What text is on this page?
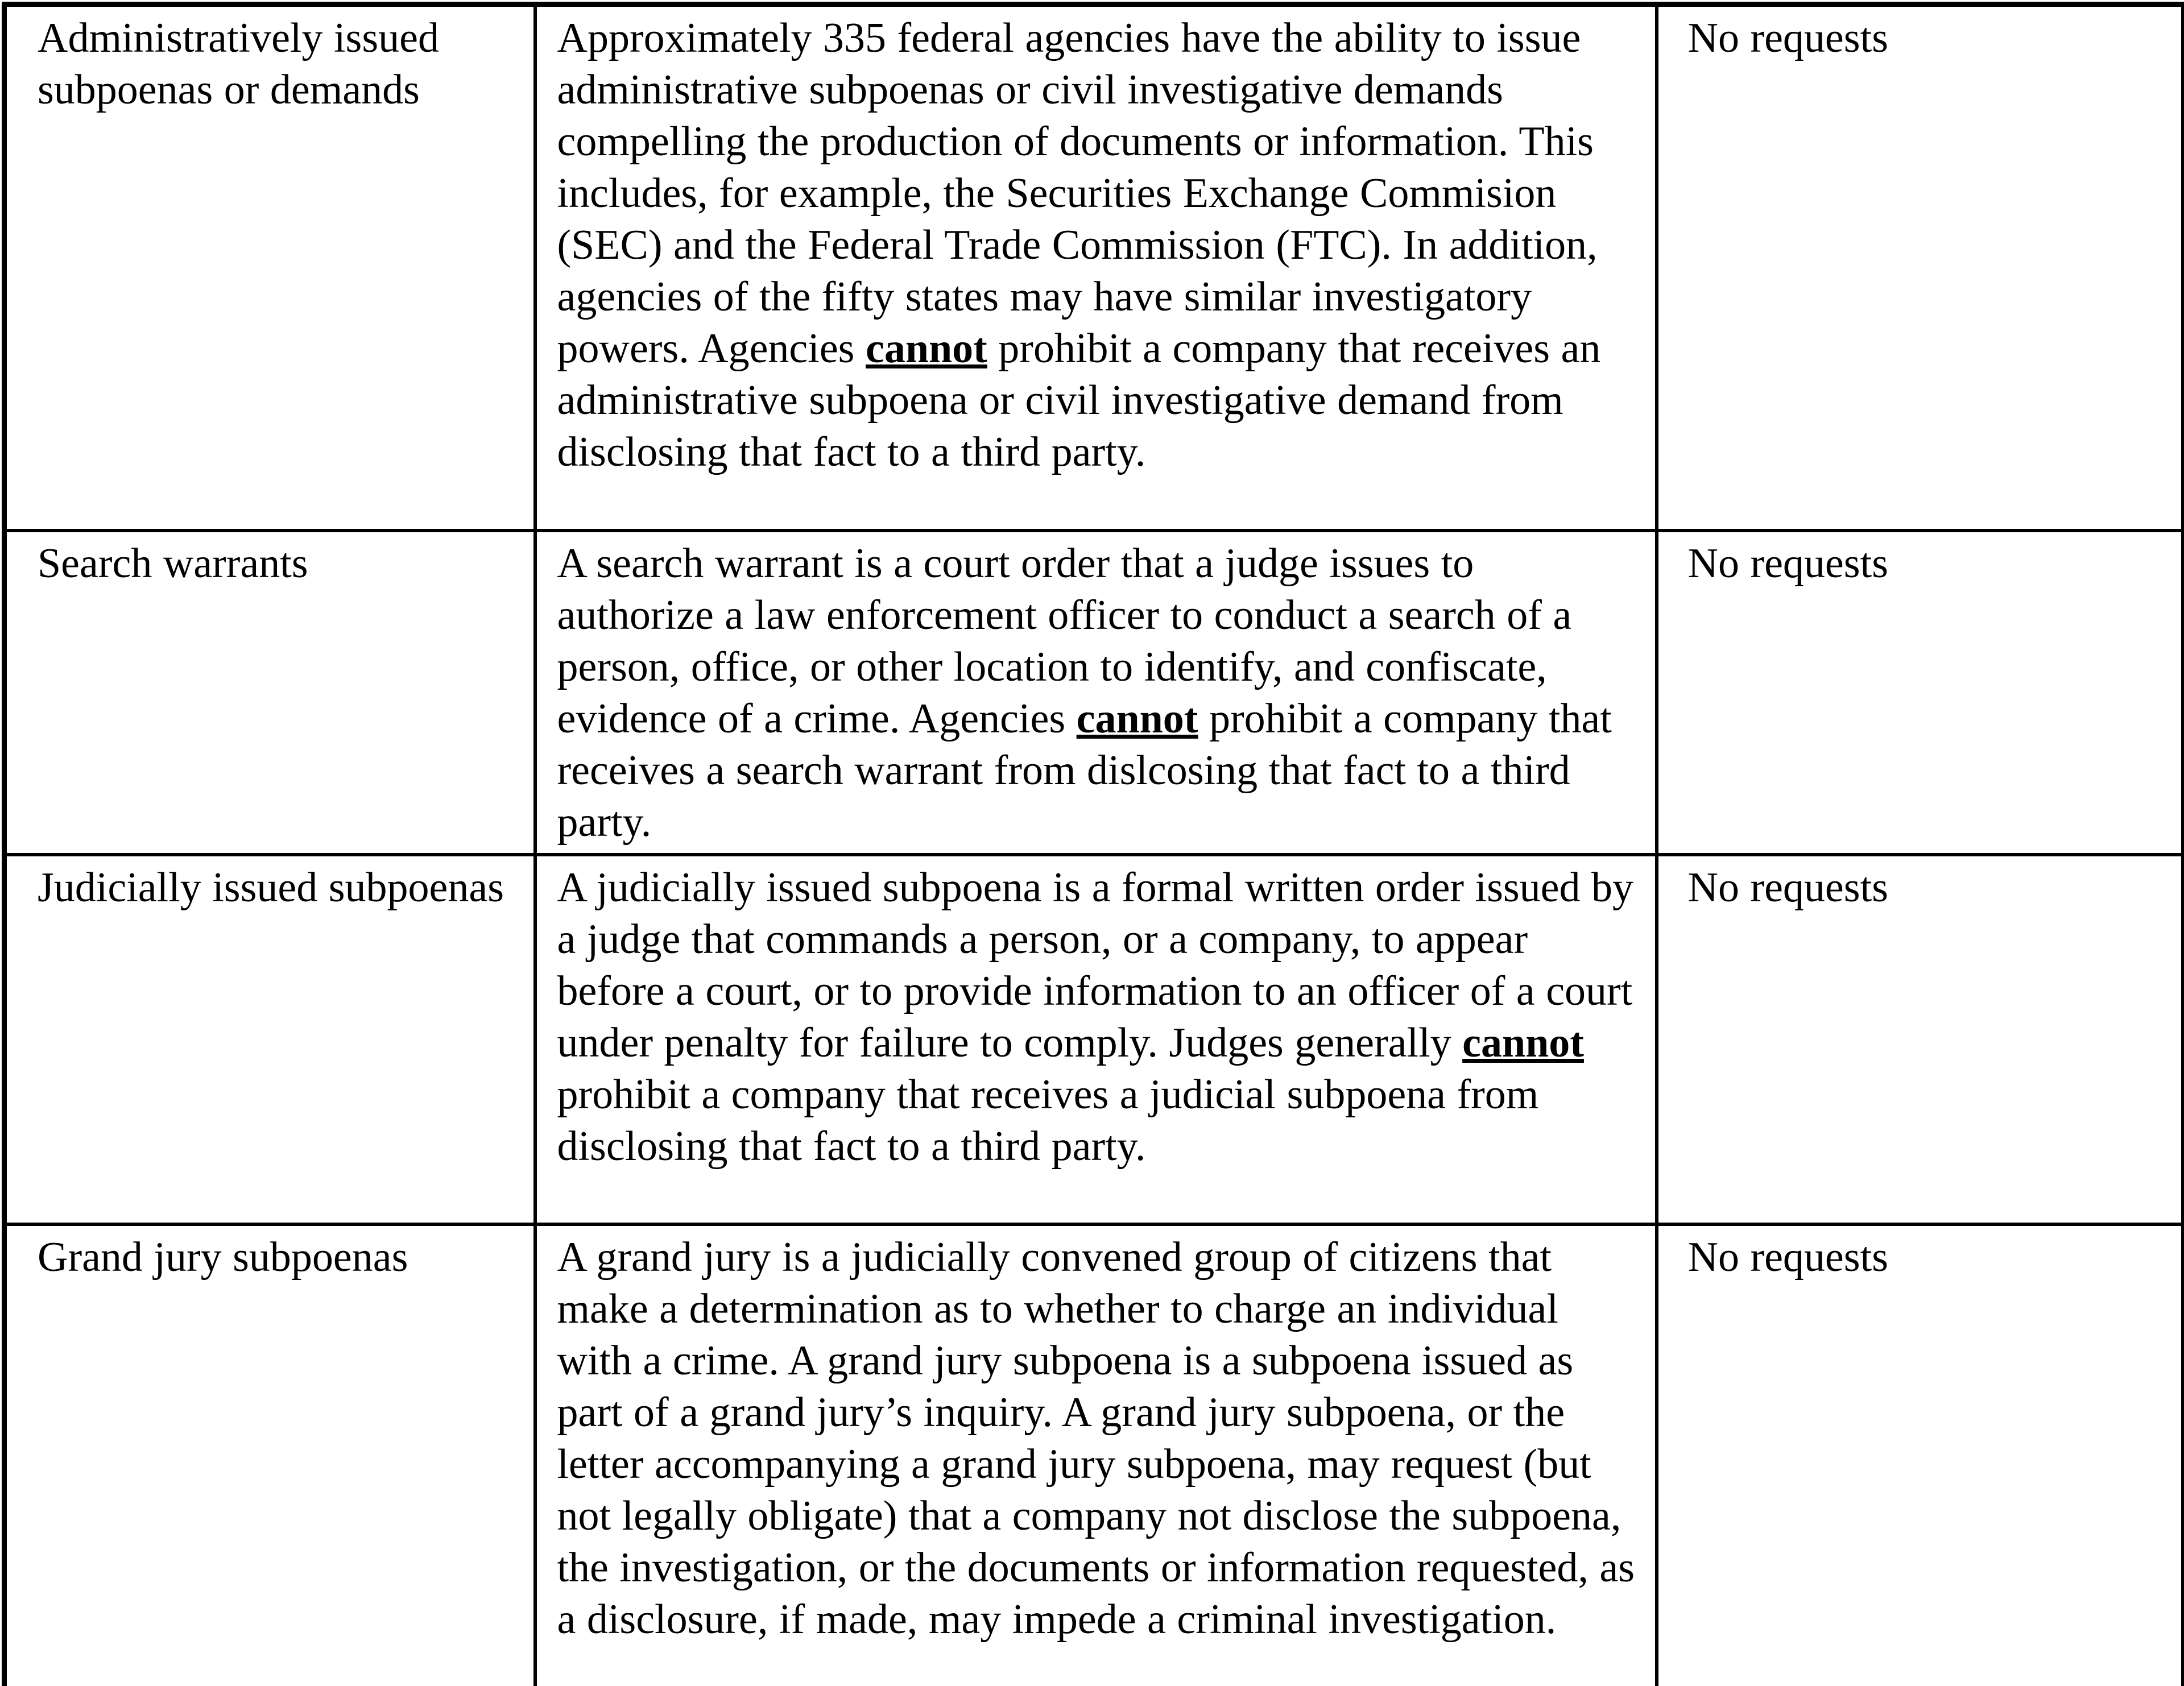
Administratively issued subpoenas or demands	Approximately 335 federal agencies have the ability to issue administrative subpoenas or civil investigative demands compelling the production of documents or information. This includes, for example, the Securities Exchange Commision (SEC) and the Federal Trade Commission (FTC). In addition, agencies of the fifty states may have similar investigatory powers. Agencies cannot prohibit a company that receives an administrative subpoena or civil investigative demand from disclosing that fact to a third party.	No requests
Search warrants	A search warrant is a court order that a judge issues to authorize a law enforcement officer to conduct a search of a person, office, or other location to identify, and confiscate, evidence of a crime. Agencies cannot prohibit a company that receives a search warrant from dislcosing that fact to a third party.	No requests
Judicially issued subpoenas	A judicially issued subpoena is a formal written order issued by a judge that commands a person, or a company, to appear before a court, or to provide information to an officer of a court under penalty for failure to comply. Judges generally cannot prohibit a company that receives a judicial subpoena from disclosing that fact to a third party.	No requests
Grand jury subpoenas	A grand jury is a judicially convened group of citizens that make a determination as to whether to charge an individual with a crime. A grand jury subpoena is a subpoena issued as part of a grand jury’s inquiry. A grand jury subpoena, or the letter accompanying a grand jury subpoena, may request (but not legally obligate) that a company not disclose the subpoena, the investigation, or the documents or information requested, as a disclosure, if made, may impede a criminal investigation.	No requests
